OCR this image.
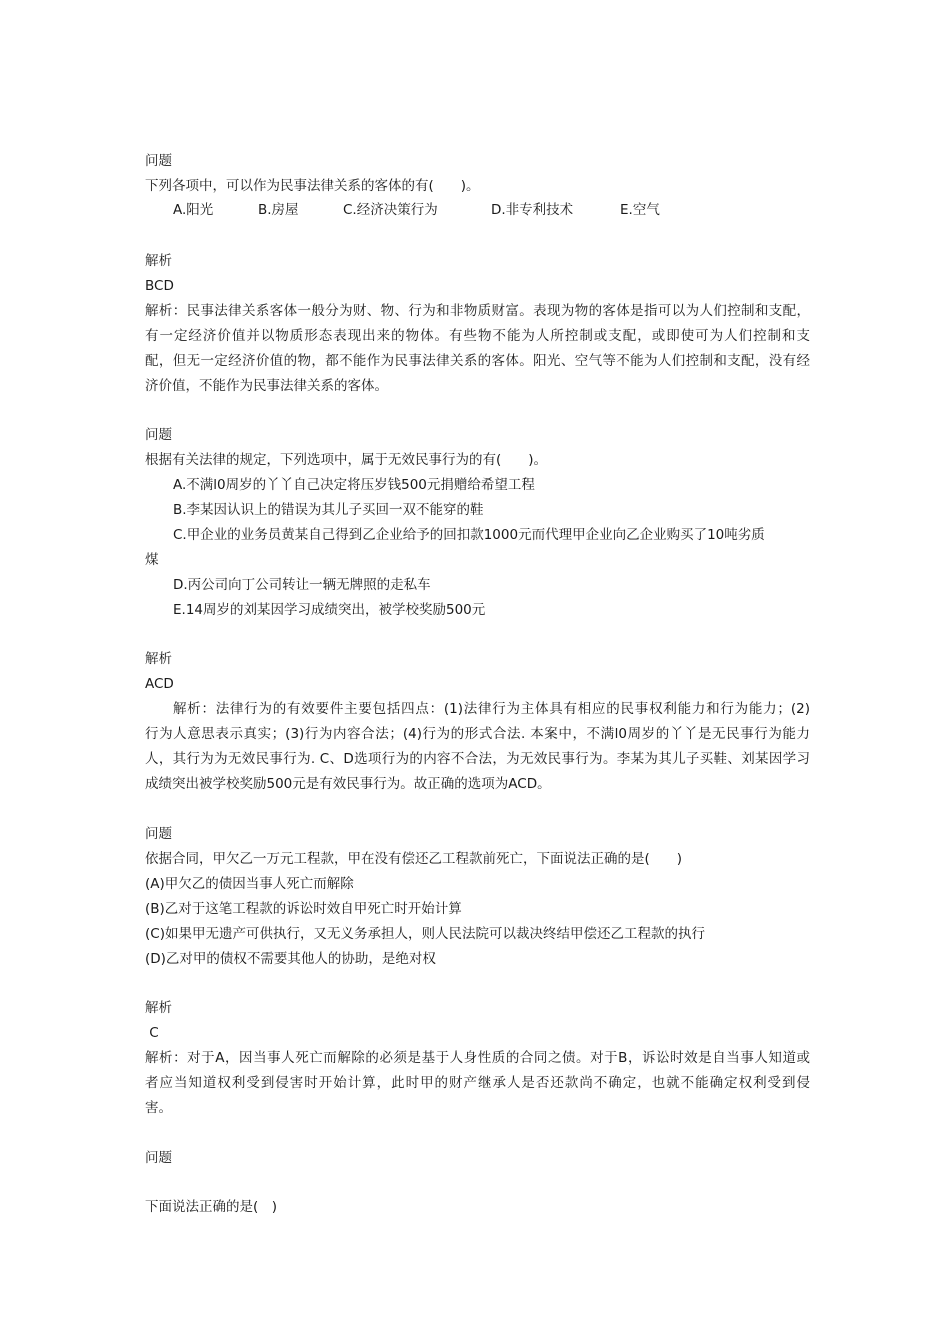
问题
下列各项中，可以作为民事法律关系的客体的有(　　)。
A.阳光	B.房屋	C.经济决策行为	D.非专利技术	E.空气
解析
BCD
解析：民事法律关系客体一般分为财、物、行为和非物质财富。表现为物的客体是指可以为人们控制和支配，
有一定经济价值并以物质形态表现出来的物体。有些物不能为人所控制或支配，或即使可为人们控制和支
配，但无一定经济价值的物，都不能作为民事法律关系的客体。阳光、空气等不能为人们控制和支配，没有经
济价值，不能作为民事法律关系的客体。
问题
根据有关法律的规定，下列选项中，属于无效民事行为的有(　　)。
A.不满l0周岁的丫丫自己决定将压岁钱500元捐赠给希望工程
B.李某因认识上的错误为其儿子买回一双不能穿的鞋
C.甲企业的业务员黄某自己得到乙企业给予的回扣款1000元而代理甲企业向乙企业购买了10吨劣质
煤
D.丙公司向丁公司转让一辆无牌照的走私车
E.14周岁的刘某因学习成绩突出，被学校奖励500元
解析
ACD
解析：法律行为的有效要件主要包括四点：(1)法律行为主体具有相应的民事权利能力和行为能力；(2)
行为人意思表示真实；(3)行为内容合法；(4)行为的形式合法. 本案中，不满l0周岁的丫丫是无民事行为能力
人，其行为为无效民事行为. C、D选项行为的内容不合法，为无效民事行为。李某为其儿子买鞋、刘某因学习
成绩突出被学校奖励500元是有效民事行为。故正确的选项为ACD。
问题
依据合同，甲欠乙一万元工程款，甲在没有偿还乙工程款前死亡，下面说法正确的是(　　)
(A)甲欠乙的债因当事人死亡而解除
(B)乙对于这笔工程款的诉讼时效自甲死亡时开始计算
(C)如果甲无遗产可供执行，又无义务承担人，则人民法院可以裁决终结甲偿还乙工程款的执行
(D)乙对甲的债权不需要其他人的协助，是绝对权
解析
C
解析：对于A，因当事人死亡而解除的必须是基于人身性质的合同之债。对于B，诉讼时效是自当事人知道或
者应当知道权利受到侵害时开始计算，此时甲的财产继承人是否还款尚不确定，也就不能确定权利受到侵
害。
问题
下面说法正确的是(　)
